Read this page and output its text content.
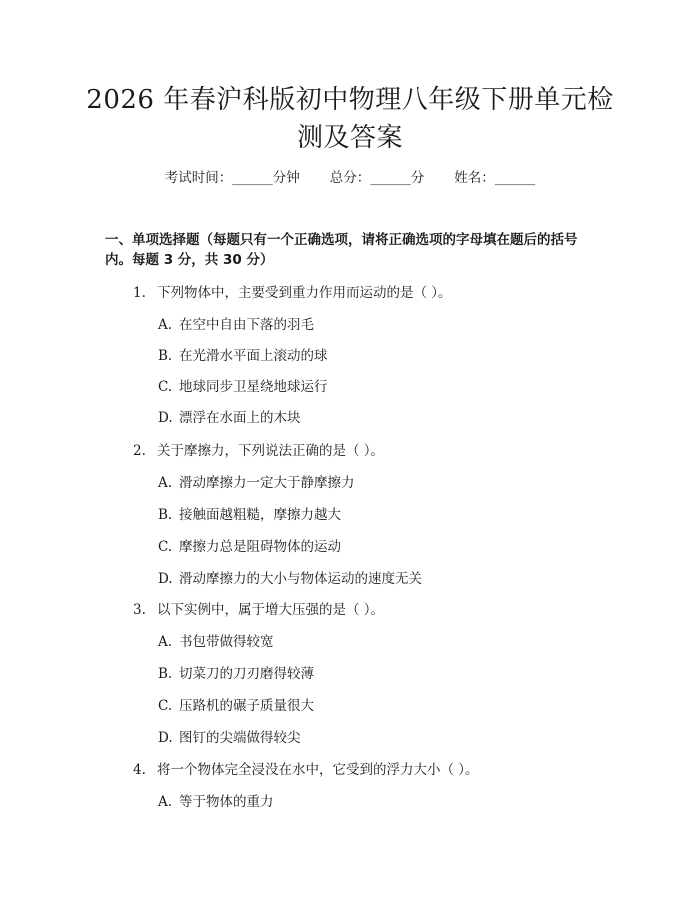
2026 年春沪科版初中物理八年级下册单元检
测及答案
考试时间：______分钟 总分：______分 姓名：______
一、单项选择题（每题只有一个正确选项，请将正确选项的字母填在题后的括号
内。每题 3 分，共 30 分）
1. 下列物体中，主要受到重力作用而运动的是（ ）。
A. 在空中自由下落的羽毛
B. 在光滑水平面上滚动的球
C. 地球同步卫星绕地球运行
D. 漂浮在水面上的木块
2. 关于摩擦力，下列说法正确的是（ ）。
A. 滑动摩擦力一定大于静摩擦力
B. 接触面越粗糙，摩擦力越大
C. 摩擦力总是阻碍物体的运动
D. 滑动摩擦力的大小与物体运动的速度无关
3. 以下实例中，属于增大压强的是（ ）。
A. 书包带做得较宽
B. 切菜刀的刀刃磨得较薄
C. 压路机的碾子质量很大
D. 图钉的尖端做得较尖
4. 将一个物体完全浸没在水中，它受到的浮力大小（ ）。
A. 等于物体的重力
